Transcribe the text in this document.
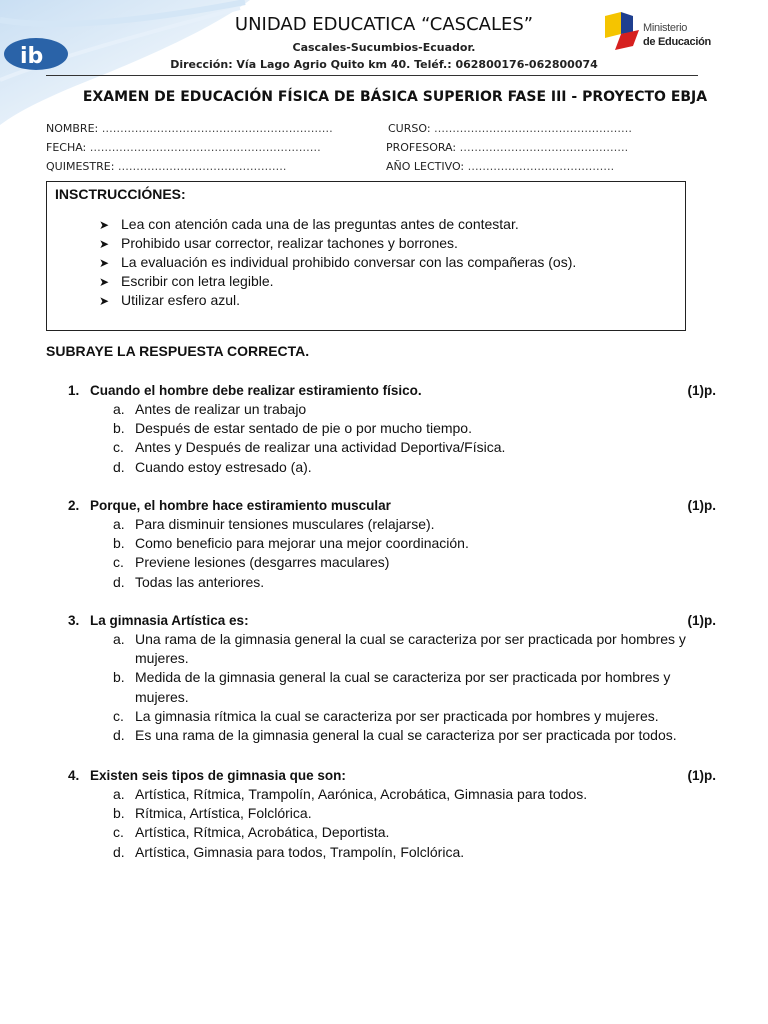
ib
UNIDAD EDUCATICA “CASCALES”
Cascales-Sucumbios-Ecuador.
Dirección: Vía Lago Agrio Quito km 40. Teléf.: 062800176-062800074
Ministerio
de Educación
EXAMEN DE EDUCACIÓN FÍSICA DE BÁSICA SUPERIOR FASE III - PROYECTO EBJA
NOMBRE: ………………………………………………………	CURSO: ………………………………………………
FECHA: ………………………………………………………	PROFESORA: ……………………………………….
QUIMESTRE: ……………………………………….	AÑO LECTIVO: ………………………………….
INSCTRUCCIÓNES:
➤ Lea con atención cada una de las preguntas antes de contestar.
➤ Prohibido usar corrector, realizar tachones y borrones.
➤ La evaluación es individual prohibido conversar con las compañeras (os).
➤ Escribir con letra legible.
➤ Utilizar esfero azul.
SUBRAYE LA RESPUESTA CORRECTA.
1. Cuando el hombre debe realizar estiramiento físico.	(1)p.
a. Antes de realizar un trabajo
b. Después de estar sentado de pie o por mucho tiempo.
c. Antes y Después de realizar una actividad Deportiva/Física.
d. Cuando estoy estresado (a).
2. Porque, el hombre hace estiramiento muscular	(1)p.
a. Para disminuir tensiones musculares (relajarse).
b. Como beneficio para mejorar una mejor coordinación.
c. Previene lesiones (desgarres maculares)
d. Todas las anteriores.
3. La gimnasia Artística es:	(1)p.
a. Una rama de la gimnasia general la cual se caracteriza por ser practicada por hombres y mujeres.
b. Medida de la gimnasia general la cual se caracteriza por ser practicada por hombres y mujeres.
c. La gimnasia rítmica la cual se caracteriza por ser practicada por hombres y mujeres.
d. Es una rama de la gimnasia general la cual se caracteriza por ser practicada por todos.
4. Existen seis tipos de gimnasia que son:	(1)p.
a. Artística, Rítmica, Trampolín, Aarónica, Acrobática, Gimnasia para todos.
b. Rítmica, Artística, Folclórica.
c. Artística, Rítmica, Acrobática, Deportista.
d. Artística, Gimnasia para todos, Trampolín, Folclórica.
